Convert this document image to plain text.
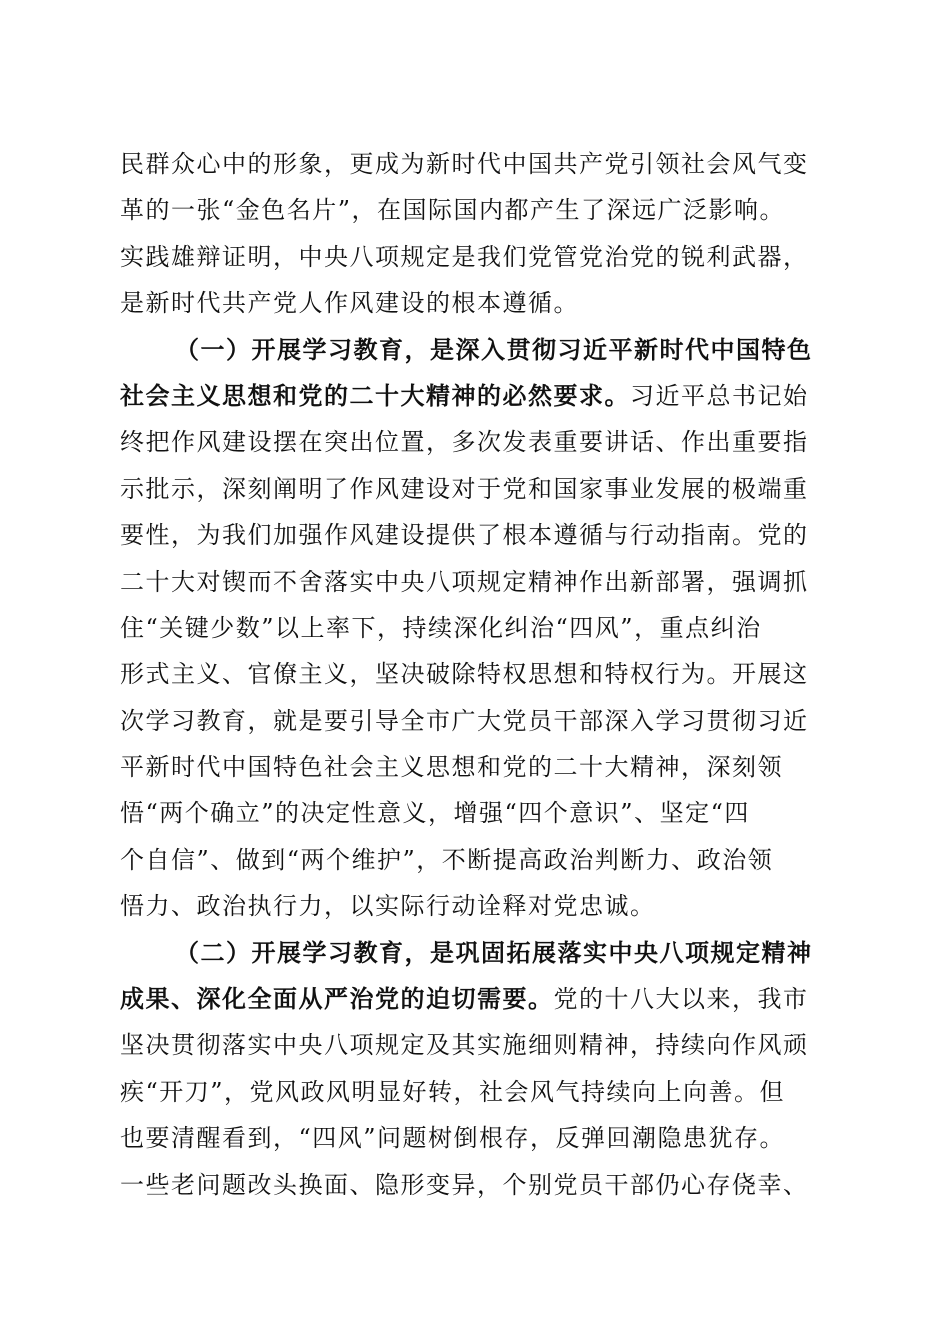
民群众心中的形象，更成为新时代中国共产党引领社会风气变
革的一张“金色名片”，在国际国内都产生了深远广泛影响。
实践雄辩证明，中央八项规定是我们党管党治党的锐利武器，
是新时代共产党人作风建设的根本遵循。
（一）开展学习教育，是深入贯彻习近平新时代中国特色
社会主义思想和党的二十大精神的必然要求。习近平总书记始
终把作风建设摆在突出位置，多次发表重要讲话、作出重要指
示批示，深刻阐明了作风建设对于党和国家事业发展的极端重
要性，为我们加强作风建设提供了根本遵循与行动指南。党的
二十大对锲而不舍落实中央八项规定精神作出新部署，强调抓
住“关键少数”以上率下，持续深化纠治“四风”，重点纠治
形式主义、官僚主义，坚决破除特权思想和特权行为。开展这
次学习教育，就是要引导全市广大党员干部深入学习贯彻习近
平新时代中国特色社会主义思想和党的二十大精神，深刻领
悟“两个确立”的决定性意义，增强“四个意识”、坚定“四
个自信”、做到“两个维护”，不断提高政治判断力、政治领
悟力、政治执行力，以实际行动诠释对党忠诚。
（二）开展学习教育，是巩固拓展落实中央八项规定精神
成果、深化全面从严治党的迫切需要。党的十八大以来，我市
坚决贯彻落实中央八项规定及其实施细则精神，持续向作风顽
疾“开刀”，党风政风明显好转，社会风气持续向上向善。但
也要清醒看到，“四风”问题树倒根存，反弹回潮隐患犹存。
一些老问题改头换面、隐形变异，个别党员干部仍心存侥幸、
